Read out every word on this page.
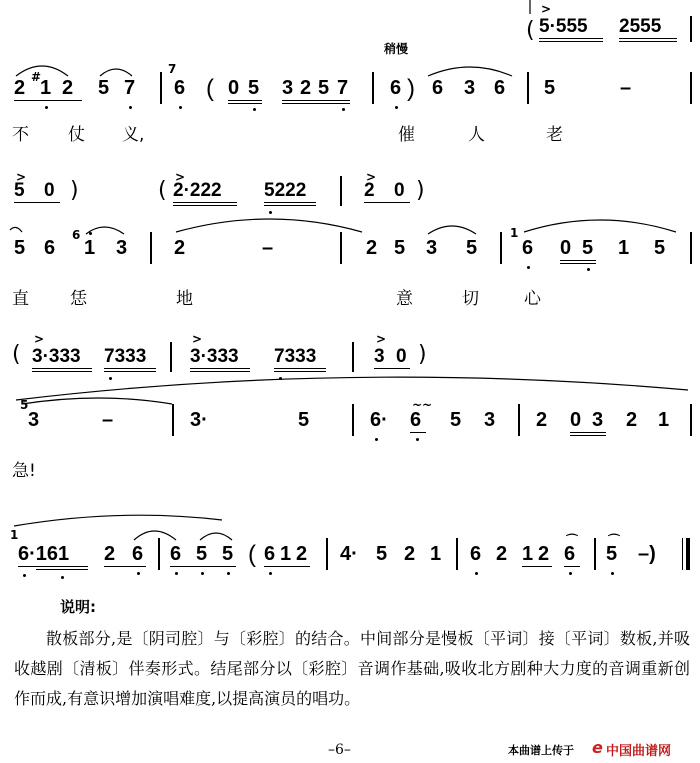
(
>
5·555 2555
稍慢
2 #
1 2 5 7
7
6 ( 0 5 3 2 5 7 6 ) 6 3 6 5	–
不 仗 义,	催	人	老
>
5 0 )	(
>
2·222 5222
>
2 0 )
5 6
6
1 3 2	–	2 5 3 5
1
6 0 5 1 5
直 恁	地	意	切	心
(
>
3·333 7333
>
3·333 7333
>
3 0 )
5
3	–	3·	5	6·
~~
6 5 3 2 0 3 2 1
急!
1
6·161 2 6 6 5 5 ( 6 1 2 4· 5 2 1 6 2 1 2
⌒
6
⌒
5 –)
说明:
散板部分,是〔阴司腔〕与〔彩腔〕的结合。中间部分是慢板〔平词〕接〔平词〕数板,并吸收越剧〔清板〕伴奏形式。结尾部分以〔彩腔〕音调作基础,吸收北方剧种大力度的音调重新创作而成,有意识增加演唱难度,以提高演员的唱功。
–6–	本曲谱上传于 e 中国曲谱网
